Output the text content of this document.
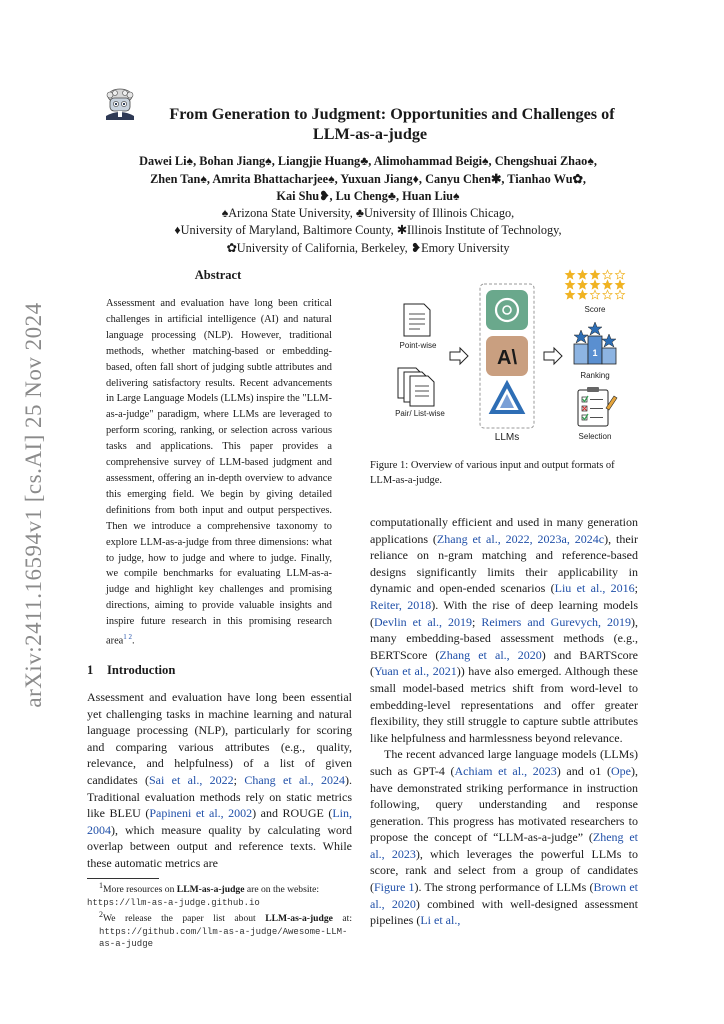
arXiv:2411.16594v1 [cs.AI] 25 Nov 2024
From Generation to Judgment: Opportunities and Challenges of
LLM-as-a-judge
Dawei Li♠, Bohan Jiang♠, Liangjie Huang♣, Alimohammad Beigi♠, Chengshuai Zhao♠,
Zhen Tan♠, Amrita Bhattacharjee♠, Yuxuan Jiang♦, Canyu Chen✱, Tianhao Wu✿,
Kai Shu❥, Lu Cheng♣, Huan Liu♠
♠Arizona State University, ♣University of Illinois Chicago,
♦University of Maryland, Baltimore County, ✱Illinois Institute of Technology,
✿University of California, Berkeley, ❥Emory University
Abstract
Assessment and evaluation have long been critical challenges in artificial intelligence (AI) and natural language processing (NLP). However, traditional methods, whether matching-based or embedding-based, often fall short of judging subtle attributes and delivering satisfactory results. Recent advancements in Large Language Models (LLMs) inspire the "LLM-as-a-judge" paradigm, where LLMs are leveraged to perform scoring, ranking, or selection across various tasks and applications. This paper provides a comprehensive survey of LLM-based judgment and assessment, offering an in-depth overview to advance this emerging field. We begin by giving detailed definitions from both input and output perspectives. Then we introduce a comprehensive taxonomy to explore LLM-as-a-judge from three dimensions: what to judge, how to judge and where to judge. Finally, we compile benchmarks for evaluating LLM-as-a-judge and highlight key challenges and promising directions, aiming to provide valuable insights and inspire future research in this promising research area$^{1 2}$.
1 Introduction
Assessment and evaluation have long been essential yet challenging tasks in machine learning and natural language processing (NLP), particularly for scoring and comparing various attributes (e.g., quality, relevance, and helpfulness) of a list of given candidates (Sai et al., 2022; Chang et al., 2024). Traditional evaluation methods rely on static metrics like BLEU (Papineni et al., 2002) and ROUGE (Lin, 2004), which measure quality by calculating word overlap between output and reference texts. While these automatic metrics are
$^1$More resources on LLM-as-a-judge are on the website:
https://llm-as-a-judge.github.io
$^2$We release the paper list about LLM-as-a-judge at: https://github.com/llm-as-a-judge/Awesome-LLM-as-a-judge
Point-wise
Pair/ List-wise
A\
LLMs
Score
1
Ranking
Selection
Figure 1: Overview of various input and output formats of LLM-as-a-judge.
computationally efficient and used in many generation applications (Zhang et al., 2022, 2023a, 2024c), their reliance on n-gram matching and reference-based designs significantly limits their applicability in dynamic and open-ended scenarios (Liu et al., 2016; Reiter, 2018). With the rise of deep learning models (Devlin et al., 2019; Reimers and Gurevych, 2019), many embedding-based assessment methods (e.g., BERTScore (Zhang et al., 2020) and BARTScore (Yuan et al., 2021)) have also emerged. Although these small model-based metrics shift from word-level to embedding-level representations and offer greater flexibility, they still struggle to capture subtle attributes like helpfulness and harmlessness beyond relevance.
The recent advanced large language models (LLMs) such as GPT-4 (Achiam et al., 2023) and o1 (Ope), have demonstrated striking performance in instruction following, query understanding and response generation. This progress has motivated researchers to propose the concept of “LLM-as-a-judge” (Zheng et al., 2023), which leverages the powerful LLMs to score, rank and select from a group of candidates (Figure 1). The strong performance of LLMs (Brown et al., 2020) combined with well-designed assessment pipelines (Li et al.,
